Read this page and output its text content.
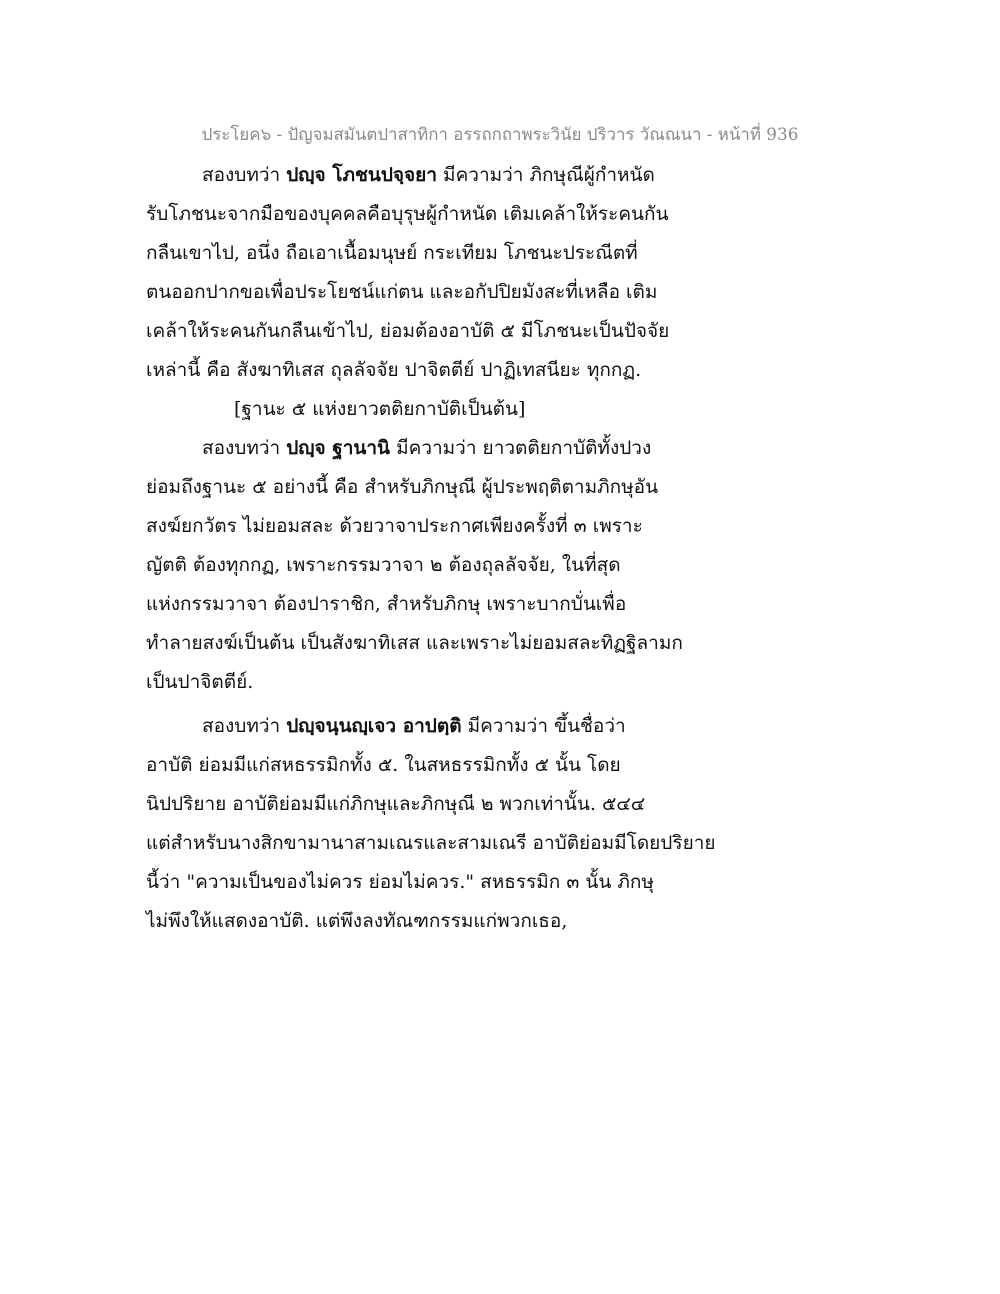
ประโยค๖ - ปัญจมสมันตปาสาทิกา อรรถกถาพระวินัย ปริวาร วัณณนา - หน้าที่ 936
สองบทว่า ปญฺจ โภชนปจฺจยา มีความว่า ภิกษุณีผู้กำหนัด
รับโภชนะจากมือของบุคคลคือบุรุษผู้กำหนัด เติมเคล้าให้ระคนกัน
กลืนเขาไป, อนึ่ง ถือเอาเนื้อมนุษย์ กระเทียม โภชนะประณีตที่
ตนออกปากขอเพื่อประโยชน์แก่ตน และอกัปปิยมังสะที่เหลือ เติม
เคล้าให้ระคนกันกลืนเข้าไป, ย่อมต้องอาบัติ ๕ มีโภชนะเป็นปัจจัย
เหล่านี้ คือ สังฆาทิเสส ถุลลัจจัย ปาจิตตีย์ ปาฏิเทสนียะ ทุกกฏ.
[ฐานะ ๕ แห่งยาวตติยกาบัติเป็นต้น]
สองบทว่า ปญฺจ ฐานานิ มีความว่า ยาวตติยกาบัติทั้งปวง
ย่อมถึงฐานะ ๕ อย่างนี้ คือ สำหรับภิกษุณี ผู้ประพฤติตามภิกษุอัน
สงฆ์ยกวัตร ไม่ยอมสละ ด้วยวาจาประกาศเพียงครั้งที่ ๓ เพราะ
ญัตติ ต้องทุกกฏ, เพราะกรรมวาจา ๒ ต้องถุลลัจจัย, ในที่สุด
แห่งกรรมวาจา ต้องปาราชิก, สำหรับภิกษุ เพราะบากบั่นเพื่อ
ทำลายสงฆ์เป็นต้น เป็นสังฆาทิเสส และเพราะไม่ยอมสละทิฏฐิลามก
เป็นปาจิตตีย์.
สองบทว่า ปญฺจนฺนญฺเจว อาปตฺติ มีความว่า ขึ้นชื่อว่า
อาบัติ ย่อมมีแก่สหธรรมิกทั้ง ๕. ในสหธรรมิกทั้ง ๕ นั้น โดย
นิปปริยาย อาบัติย่อมมีแก่ภิกษุและภิกษุณี ๒ พวกเท่านั้น. ๕๔๔
แต่สำหรับนางสิกขามานาสามเณรและสามเณรี อาบัติย่อมมีโดยปริยาย
นี้ว่า "ความเป็นของไม่ควร ย่อมไม่ควร." สหธรรมิก ๓ นั้น ภิกษุ
ไม่พึงให้แสดงอาบัติ. แต่พึงลงทัณฑกรรมแก่พวกเธอ,
